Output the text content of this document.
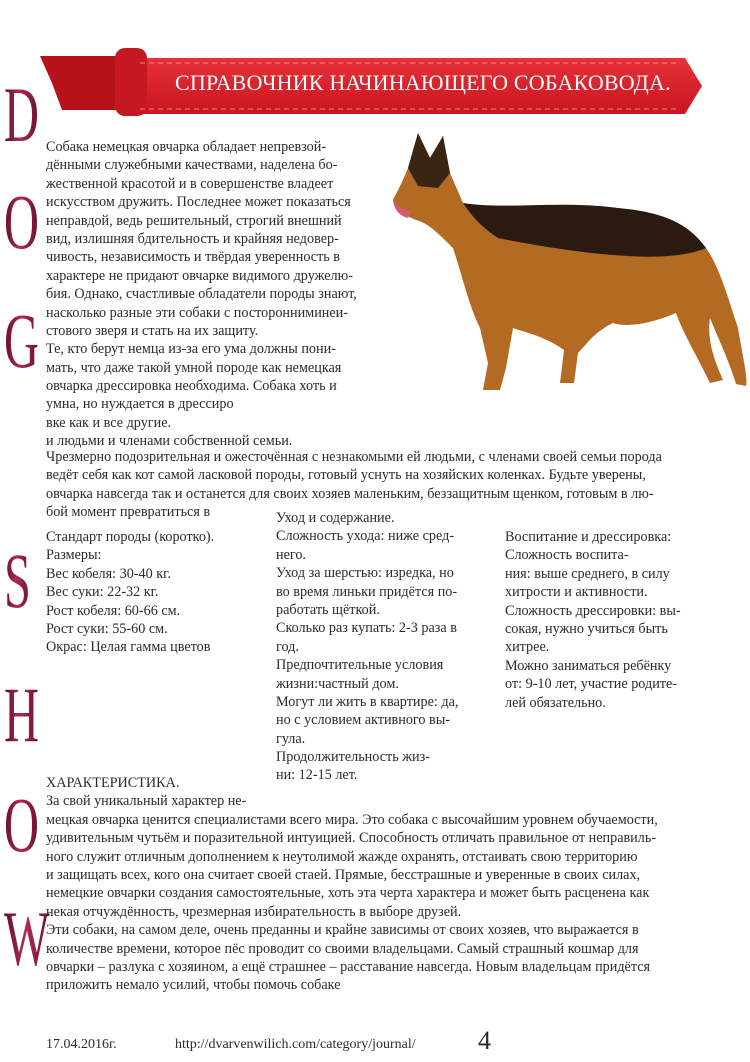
СПРАВОЧНИК НАЧИНАЮЩЕГО СОБАКОВОДА.
D
O
G
S
H
O
W
Собака немецкая овчарка обладает непревзой-
дёнными служебными качествами, наделена бо-
жественной красотой и в совершенстве владеет
искусством дружить. Последнее может показаться
неправдой, ведь решительный, строгий внешний
вид, излишняя бдительность и крайняя недовер-
чивость, независимость и твёрдая уверенность в
характере не придают овчарке видимого дружелю-
бия. Однако, счастливые обладатели породы знают,
насколько разные эти собаки с посторонниминеи-
стового зверя и стать на их защиту.
Те, кто берут немца из-за его ума должны пони-
мать, что даже такой умной породе как немецкая
овчарка дрессировка необходима. Собака хоть и
умна, но нуждается в дрессиро
вке как и все другие.
и людьми и членами собственной семьи.
Чрезмерно подозрительная и ожесточённая с незнакомыми ей людьми, с членами своей семьи порода
ведёт себя как кот самой ласковой породы, готовый уснуть на хозяйских коленках. Будьте уверены,
овчарка навсегда так и останется для своих хозяев маленьким, беззащитным щенком, готовым в лю-
бой момент превратиться в
Стандарт породы (коротко).
Размеры:
Вес кобеля: 30-40 кг.
Вес суки: 22-32 кг.
Рост кобеля: 60-66 см.
Рост суки: 55-60 см.
Окрас: Целая гамма цветов
Уход и содержание.
Сложность ухода: ниже сред-
него.
Уход за шерстью: изредка, но
во время линьки придётся по-
работать щёткой.
Сколько раз купать: 2-3 раза в
год.
Предпочтительные условия
жизни:частный дом.
Могут ли жить в квартире: да,
но с условием активного вы-
гула.
Продолжительность жиз-
ни: 12-15 лет.
Воспитание и дрессировка:
Сложность воспита-
ния: выше среднего, в силу
хитрости и активности.
Сложность дрессировки: вы-
сокая, нужно учиться быть
хитрее.
Можно заниматься ребёнку
от: 9-10 лет, участие родите-
лей обязательно.
ХАРАКТЕРИСТИКА.
За свой уникальный характер не-
мецкая овчарка ценится специалистами всего мира. Это собака с высочайшим уровнем обучаемости,
удивительным чутьём и поразительной интуицией. Способность отличать правильное от неправиль-
ного служит отличным дополнением к неутолимой жажде охранять, отстаивать свою территорию
и защищать всех, кого она считает своей стаей. Прямые, бесстрашные и уверенные в своих силах,
немецкие овчарки создания самостоятельные, хоть эта черта характера и может быть расценена как
некая отчуждённость, чрезмерная избирательность в выборе друзей.
Эти собаки, на самом деле, очень преданны и крайне зависимы от своих хозяев, что выражается в
количестве времени, которое пёс проводит со своими владельцами. Самый страшный кошмар для
овчарки – разлука с хозяином, а ещё страшнее – расставание навсегда. Новым владельцам придётся
приложить немало усилий, чтобы помочь собаке
17.04.2016г.	http://dvarvenwilich.com/category/journal/ 4
